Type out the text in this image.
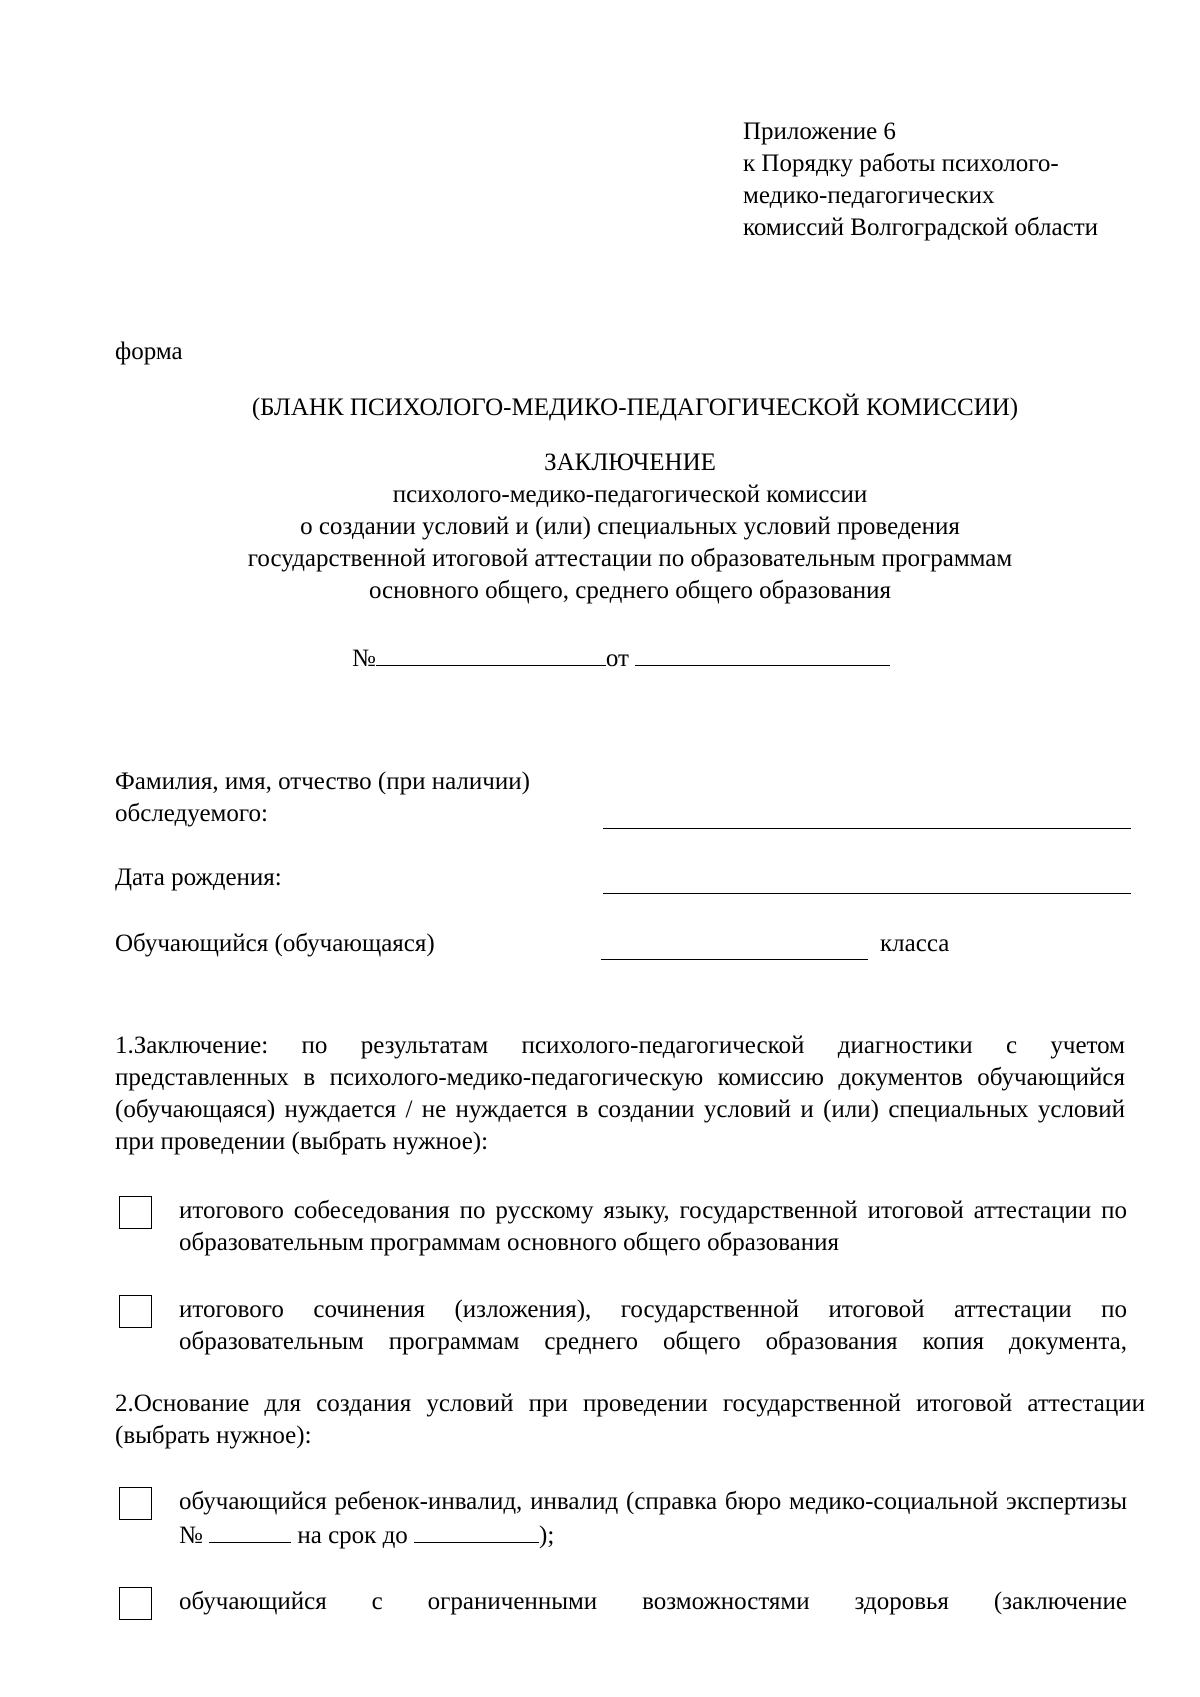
Приложение 6
к Порядку работы психолого-
медико-педагогических
комиссий Волгоградской области
форма
(БЛАНК ПСИХОЛОГО-МЕДИКО-ПЕДАГОГИЧЕСКОЙ КОМИССИИ)
ЗАКЛЮЧЕНИЕ
психолого-медико-педагогической комиссии
о создании условий и (или) специальных условий проведения
государственной итоговой аттестации по образовательным программам
основного общего, среднего общего образования
№	от
Фамилия, имя, отчество (при наличии)
обследуемого:
Дата рождения:
Обучающийся (обучающаяся)	класса
1.Заключение: по результатам психолого-педагогической диагностики с учетом представленных в психолого-медико-педагогическую комиссию документов обучающийся (обучающаяся) нуждается / не нуждается в создании условий и (или) специальных условий при проведении (выбрать нужное):
итогового собеседования по русскому языку, государственной итоговой аттестации по образовательным программам основного общего образования
итогового сочинения (изложения), государственной итоговой аттестации по образовательным программам среднего общего образования копия документа,
2.Основание для создания условий при проведении государственной итоговой аттестации (выбрать нужное):
обучающийся ребенок-инвалид, инвалид (справка бюро медико-социальной экспертизы №	на срок до	);
обучающийся с ограниченными возможностями здоровья (заключение
